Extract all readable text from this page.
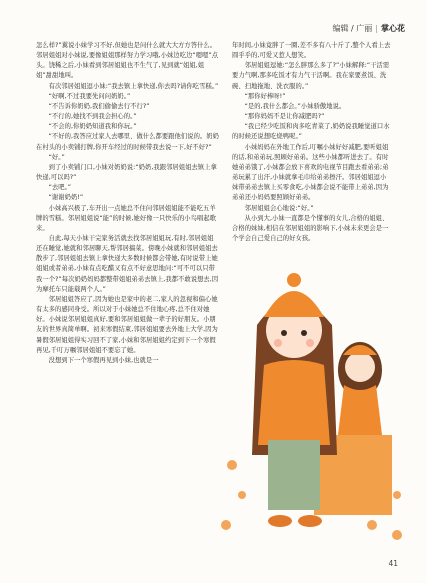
编辑 / 广丽 | 掌心花

怎么样?”翼说小妹学习不好,但她也是问什么就大大方方答什么。邻居姐姐对小妹说,要像姐姐那样努力学习哦,小妹边吃边“嗯嗯”点头。饶稀之后,小妹看到邻居姐姐也不生气了,见到就“姐姐,姐姐”甜甜地叫。

有次邻居姐姐逗小妹:“我去镇上拿快递,你去吗?请你吃雪糕。”

“好啊,不过我要先问问奶奶。”

“不告诉你奶奶,我们偷偷去行不行?”

“不行的,她找不到我会担心的。”

“不会的,你奶奶知道我和你玩。”

“不好的,我答应过家人去哪里、做什么都要跟他们说的。奶奶在村头的小卖铺打牌,你开车经过的时候带我去说一下,好不好?”

“好。”

到了小卖铺门口,小妹对奶奶说:“奶奶,我跟邻居姐姐去镇上拿快递,可以吗?”

“去吧。”

“谢谢奶奶!”

小妹高兴极了,车开出一点她总不住问邻居姐姐能不能吃五羊牌的雪糕。邻居姐姐说“能”的时候,她好像一只快乐的小鸟唱起歌来。

自此,每天小妹干完家务活就去找邻居姐姐玩,有时,邻居姐姐还在睡觉,她就和邻居聊天,帮邻居搞菜。傍晚小妹就和邻居姐姐去散步了,邻居姐姐去镇上拿快递大多数时候都会带她,有时说带上她姐姐或者弟弟,小妹有点吃醋又有点不好意思地问:“可不可以只带我一个?”每次奶奶妈妈都整带姐姐弟弟去镇上,我都不敢说想去,因为摩托车只能载两个人。”

邻居姐姐答应了,因为她也是家中的老二,家人的忽视和偏心她有太多的感同身受。所以对于小妹她总不住地心疼,总不住对她好。小妹说邻居姐姐真好,要和邻居姐姐做一辈子的好朋友。小朋友的世界真简单啊。初来寒假结束,邻居姐姐要去外地上大学,因为暑假邻居姐姐得实习回不了家,小妹和邻居姐姐约定到下一个寒假再见,千叮万嘱邻居姐姐不要忘了她。

没想到下一个寒假再见到小妹,也就是一

年时间,小妹竟胖了一圈,差不多有八十斤了,整个人看上去圆乎乎的,可爱又惹人想笑。

邻居姐姐逗她:“怎么胖那么多了?”小妹解释:“干活需要力气啊,那多吃饭才有力气干活啊。我在家要煮饭、洗碗、扫地拖地、洗衣服的。”

“那你好棒呀!”

“是的,我什么都会。”小妹骄傲地说。

“那你妈妈不是让你减肥吗?”

“我已经少吃饭和肉多吃青菜了,奶奶说我睡觉道口水的时候还说想吃烧鸭呢。”

小妹妈妈在外地工作后,叮嘱小妹好好减肥,要听姐姐的话,和弟弟玩,照顾好弟弟。这些小妹都听进去了。有时她弟弟饿了,小妹都会放下喜欢的电视节目跑去看弟弟;弟弟玩累了出汗,小妹就拿毛巾给弟弟擦汗。邻居姐姐逗小妹带弟弟去镇上买零食吃,小妹都会说不能带上弟弟,因为弟弟还小妈妈要照顾好弟弟。

邻居姐姐会心地说:“好。”

从小到大,小妹一直都是个懂事的女儿,合格的姐姐、合格的妹妹,相信在邻居姐姐的影响下,小妹未来更会是一个学会自己爱自己的好女孩。

41
